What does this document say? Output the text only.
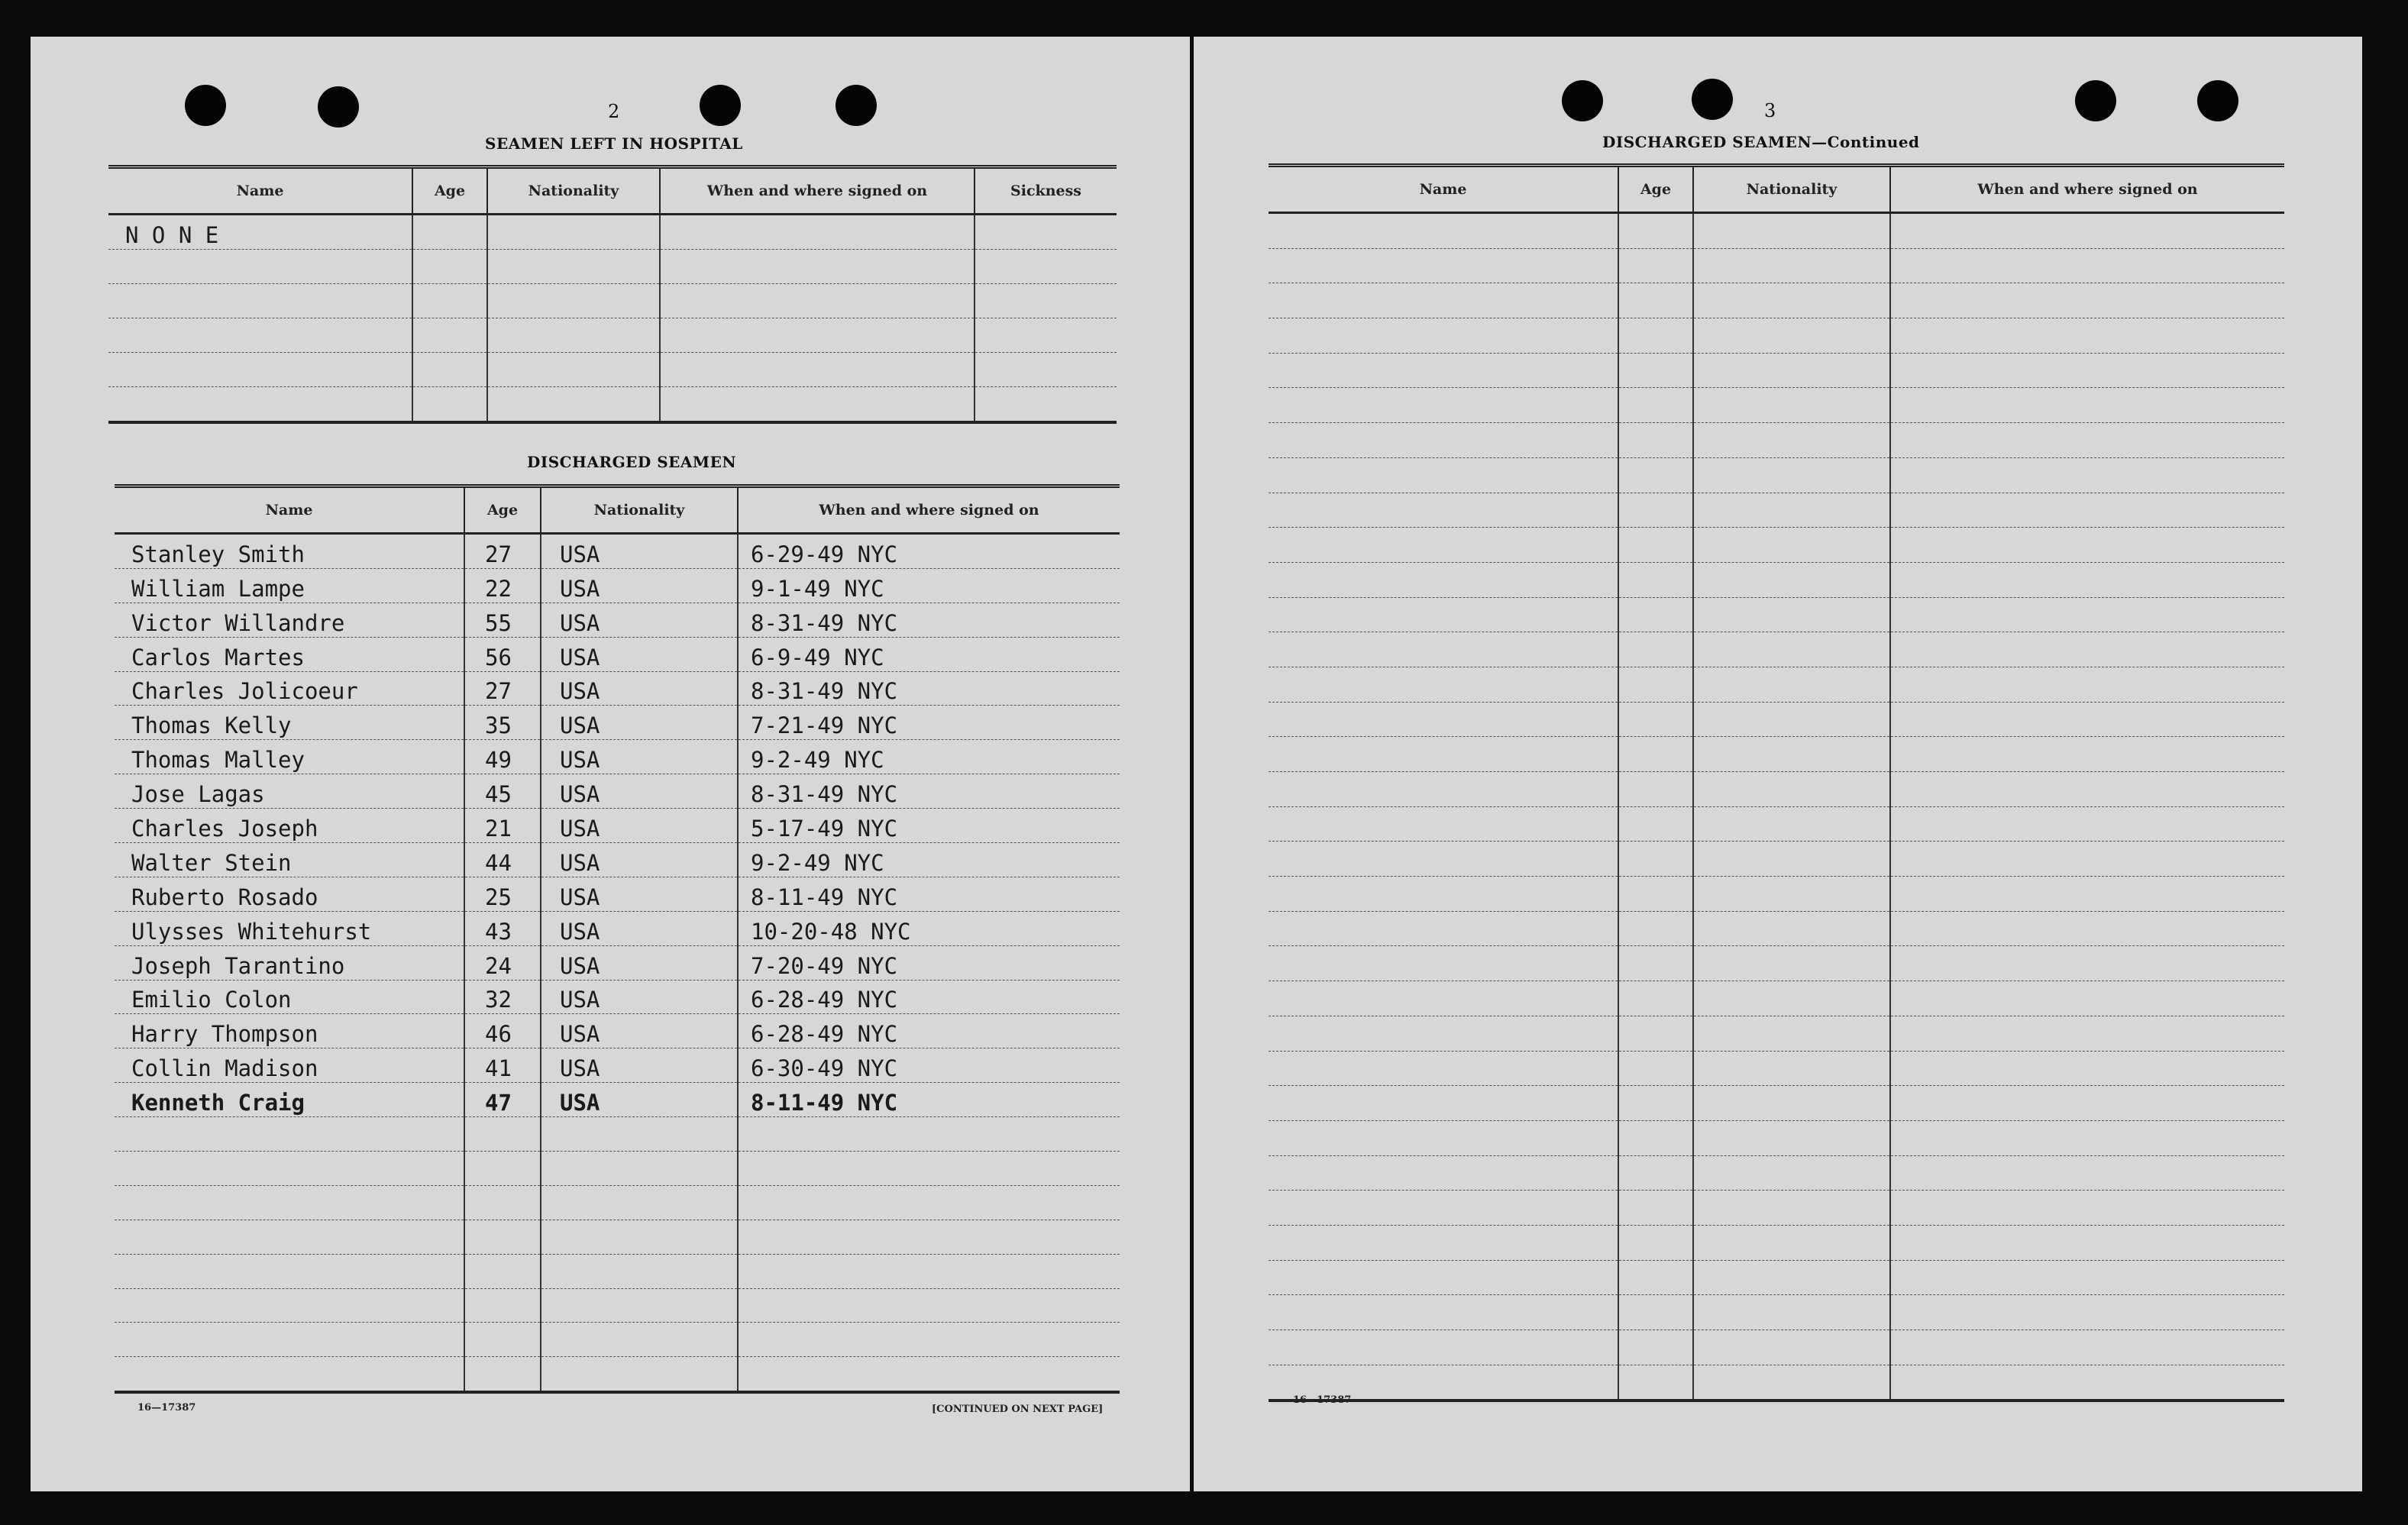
2
SEAMEN LEFT IN HOSPITAL
Name	Age	Nationality	When and where signed on	Sickness
N O N E				

DISCHARGED SEAMEN
Name	Age	Nationality	When and where signed on
Stanley Smith	27	USA	6-29-49 NYC
William Lampe	22	USA	9-1-49 NYC
Victor Willandre	55	USA	8-31-49 NYC
Carlos Martes	56	USA	6-9-49 NYC
Charles Jolicoeur	27	USA	8-31-49 NYC
Thomas Kelly	35	USA	7-21-49 NYC
Thomas Malley	49	USA	9-2-49 NYC
Jose Lagas	45	USA	8-31-49 NYC
Charles Joseph	21	USA	5-17-49 NYC
Walter Stein	44	USA	9-2-49 NYC
Ruberto Rosado	25	USA	8-11-49 NYC
Ulysses Whitehurst	43	USA	10-20-48 NYC
Joseph Tarantino	24	USA	7-20-49 NYC
Emilio Colon	32	USA	6-28-49 NYC
Harry Thompson	46	USA	6-28-49 NYC
Collin Madison	41	USA	6-30-49 NYC
Kenneth Craig	47	USA	8-11-49 NYC

16—17387	[CONTINUED ON NEXT PAGE]
3
DISCHARGED SEAMEN—Continued
Name	Age	Nationality	When and where signed on

16—17387
